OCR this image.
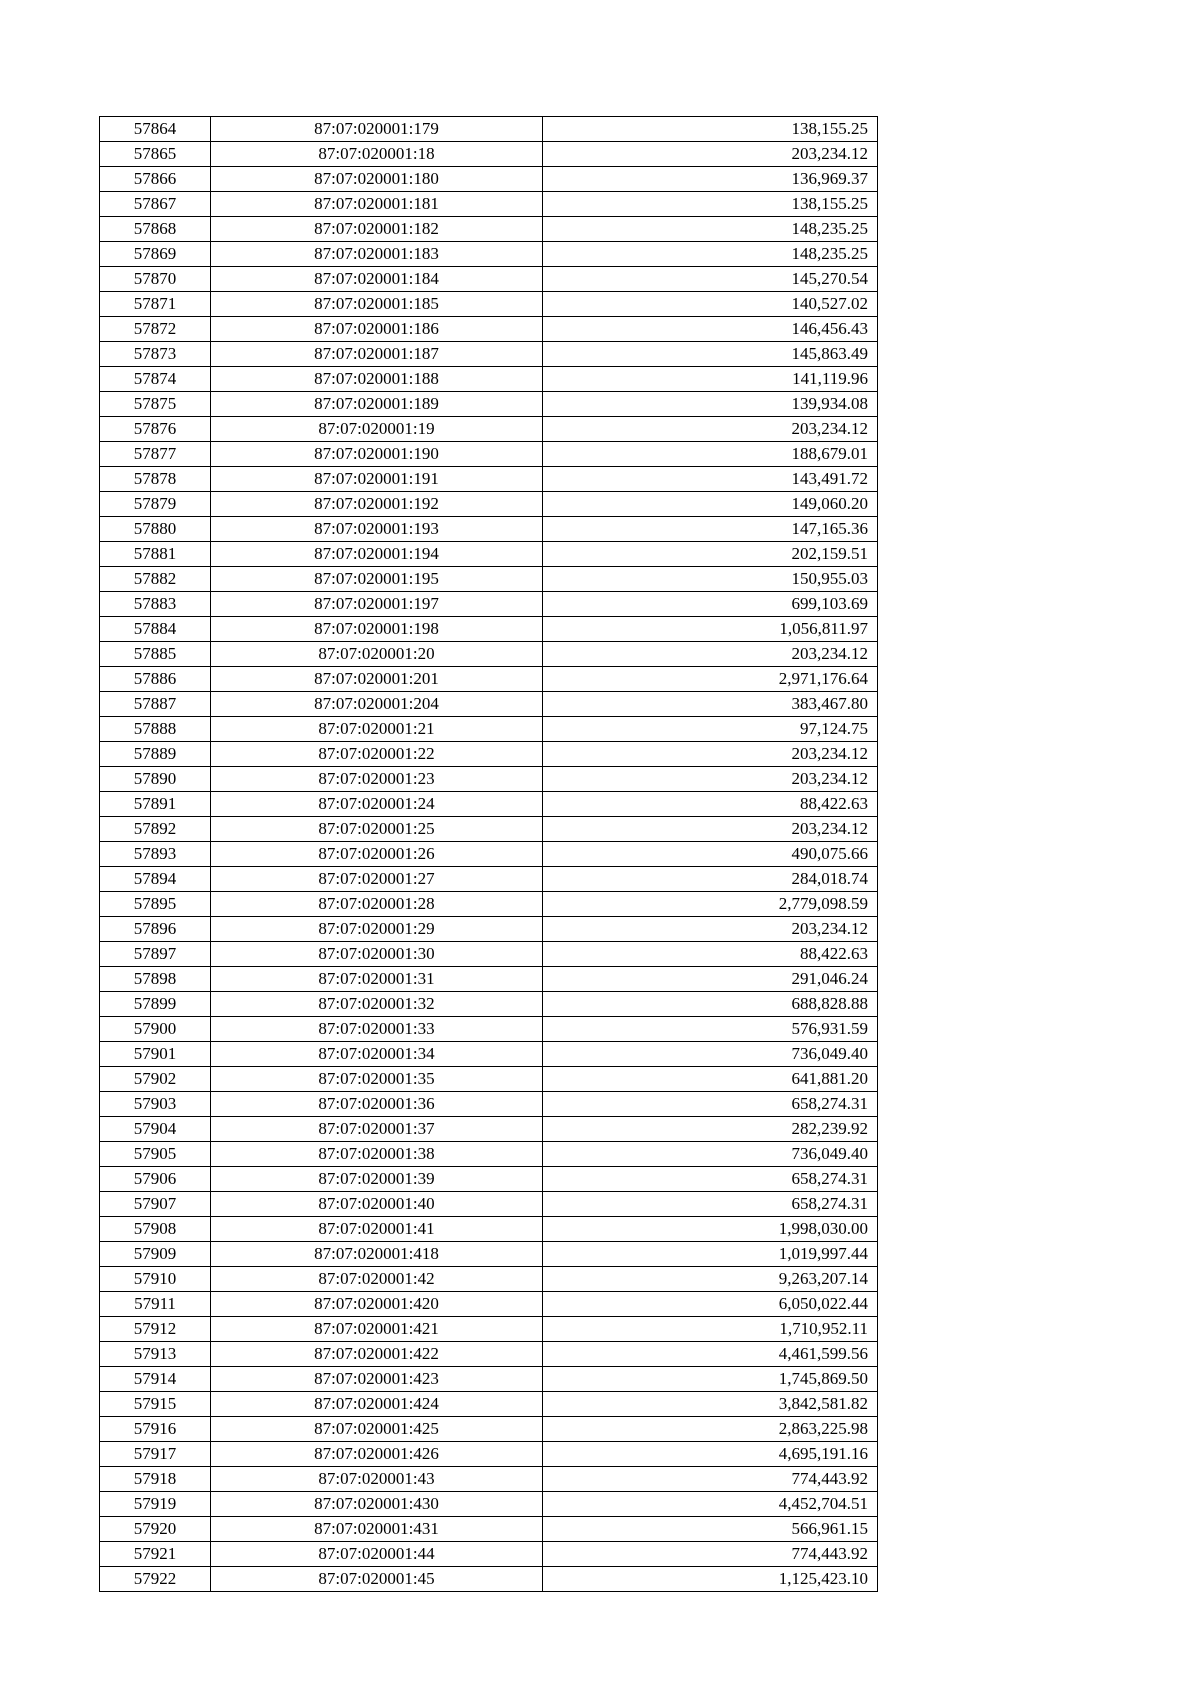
57864	87:07:020001:179	138,155.25
57865	87:07:020001:18	203,234.12
57866	87:07:020001:180	136,969.37
57867	87:07:020001:181	138,155.25
57868	87:07:020001:182	148,235.25
57869	87:07:020001:183	148,235.25
57870	87:07:020001:184	145,270.54
57871	87:07:020001:185	140,527.02
57872	87:07:020001:186	146,456.43
57873	87:07:020001:187	145,863.49
57874	87:07:020001:188	141,119.96
57875	87:07:020001:189	139,934.08
57876	87:07:020001:19	203,234.12
57877	87:07:020001:190	188,679.01
57878	87:07:020001:191	143,491.72
57879	87:07:020001:192	149,060.20
57880	87:07:020001:193	147,165.36
57881	87:07:020001:194	202,159.51
57882	87:07:020001:195	150,955.03
57883	87:07:020001:197	699,103.69
57884	87:07:020001:198	1,056,811.97
57885	87:07:020001:20	203,234.12
57886	87:07:020001:201	2,971,176.64
57887	87:07:020001:204	383,467.80
57888	87:07:020001:21	97,124.75
57889	87:07:020001:22	203,234.12
57890	87:07:020001:23	203,234.12
57891	87:07:020001:24	88,422.63
57892	87:07:020001:25	203,234.12
57893	87:07:020001:26	490,075.66
57894	87:07:020001:27	284,018.74
57895	87:07:020001:28	2,779,098.59
57896	87:07:020001:29	203,234.12
57897	87:07:020001:30	88,422.63
57898	87:07:020001:31	291,046.24
57899	87:07:020001:32	688,828.88
57900	87:07:020001:33	576,931.59
57901	87:07:020001:34	736,049.40
57902	87:07:020001:35	641,881.20
57903	87:07:020001:36	658,274.31
57904	87:07:020001:37	282,239.92
57905	87:07:020001:38	736,049.40
57906	87:07:020001:39	658,274.31
57907	87:07:020001:40	658,274.31
57908	87:07:020001:41	1,998,030.00
57909	87:07:020001:418	1,019,997.44
57910	87:07:020001:42	9,263,207.14
57911	87:07:020001:420	6,050,022.44
57912	87:07:020001:421	1,710,952.11
57913	87:07:020001:422	4,461,599.56
57914	87:07:020001:423	1,745,869.50
57915	87:07:020001:424	3,842,581.82
57916	87:07:020001:425	2,863,225.98
57917	87:07:020001:426	4,695,191.16
57918	87:07:020001:43	774,443.92
57919	87:07:020001:430	4,452,704.51
57920	87:07:020001:431	566,961.15
57921	87:07:020001:44	774,443.92
57922	87:07:020001:45	1,125,423.10
